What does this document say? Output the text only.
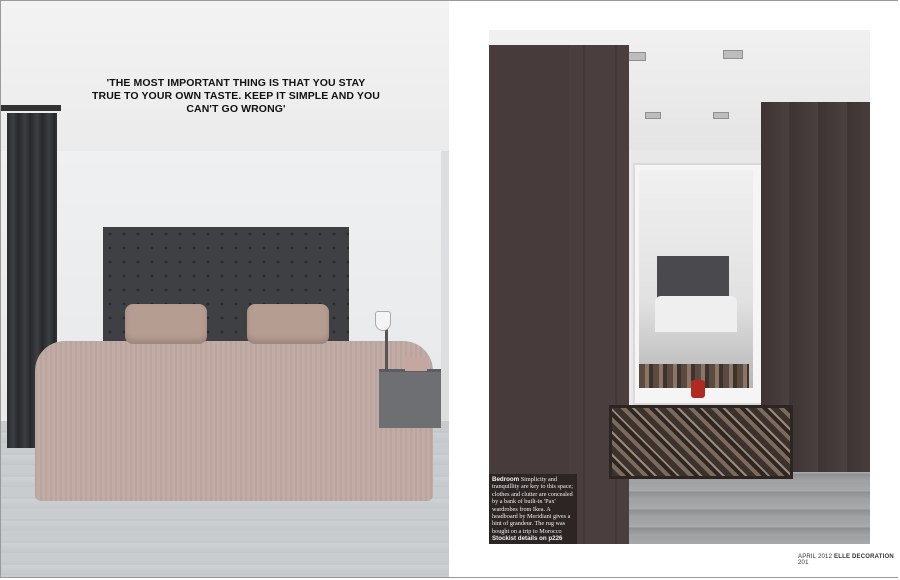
'THE MOST IMPORTANT THING IS THAT YOU STAY TRUE TO YOUR OWN TASTE. KEEP IT SIMPLE AND YOU CAN'T GO WRONG'
Bedroom Simplicity and tranquillity are key to this space; clothes and clutter are concealed by a bank of built-in 'Pax' wardrobes from Ikea. A headboard by Meridiani gives a hint of grandeur. The rug was bought on a trip to Morocco Stockist details on p226
APRIL 2012 ELLE DECORATION 201
